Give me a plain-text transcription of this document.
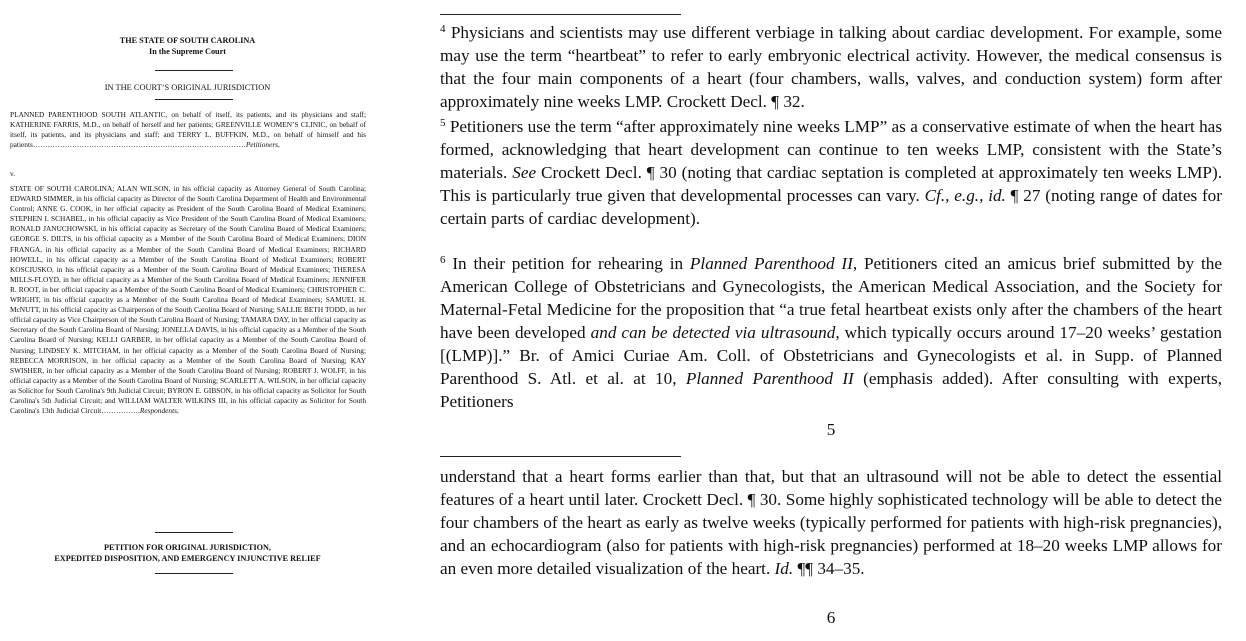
THE STATE OF SOUTH CAROLINA
In the Supreme Court
IN THE COURT’S ORIGINAL JURISDICTION
PLANNED PARENTHOOD SOUTH ATLANTIC, on behalf of itself, its patients, and its physicians and staff; KATHERINE FARRIS, M.D., on behalf of herself and her patients; GREENVILLE WOMEN’S CLINIC, on behalf of itself, its patients, and its physicians and staff; and TERRY L. BUFFKIN, M.D., on behalf of himself and his patients……………………………………………………………………………Petitioners,
v.
STATE OF SOUTH CAROLINA; ALAN WILSON, in his official capacity as Attorney General of South Carolina; EDWARD SIMMER, in his official capacity as Director of the South Carolina Department of Health and Environmental Control; ANNE G. COOK, in her official capacity as President of the South Carolina Board of Medical Examiners; STEPHEN I. SCHABEL, in his official capacity as Vice President of the South Carolina Board of Medical Examiners; RONALD JANUCHOWSKI, in his official capacity as Secretary of the South Carolina Board of Medical Examiners; GEORGE S. DILTS, in his official capacity as a Member of the South Carolina Board of Medical Examiners; DION FRANGA, in his official capacity as a Member of the South Carolina Board of Medical Examiners; RICHARD HOWELL, in his official capacity as a Member of the South Carolina Board of Medical Examiners; ROBERT KOSCIUSKO, in his official capacity as a Member of the South Carolina Board of Medical Examiners; THERESA MILLS-FLOYD, in her official capacity as a Member of the South Carolina Board of Medical Examiners; JENNIFER R. ROOT, in her official capacity as a Member of the South Carolina Board of Medical Examiners; CHRISTOPHER C. WRIGHT, in his official capacity as a Member of the South Carolina Board of Medical Examiners; SAMUEL H. McNUTT, in his official capacity as Chairperson of the South Carolina Board of Nursing; SALLIE BETH TODD, in her official capacity as Vice Chairperson of the South Carolina Board of Nursing; TAMARA DAY, in her official capacity as Secretary of the South Carolina Board of Nursing; JONELLA DAVIS, in his official capacity as a Member of the South Carolina Board of Nursing; KELLI GARBER, in her official capacity as a Member of the South Carolina Board of Nursing; LINDSEY K. MITCHAM, in her official capacity as a Member of the South Carolina Board of Nursing; REBECCA MORRISON, in her official capacity as a Member of the South Carolina Board of Nursing; KAY SWISHER, in her official capacity as a Member of the South Carolina Board of Nursing; ROBERT J. WOLFF, in his official capacity as a Member of the South Carolina Board of Nursing; SCARLETT A. WILSON, in her official capacity as Solicitor for South Carolina's 9th Judicial Circuit; BYRON E. GIBSON, in his official capacity as Solicitor for South Carolina's 5th Judicial Circuit; and WILLIAM WALTER WILKINS III, in his official capacity as Solicitor for South Carolina's 13th Judicial Circuit…………….Respondents,
PETITION FOR ORIGINAL JURISDICTION,
EXPEDITED DISPOSITION, AND EMERGENCY INJUNCTIVE RELIEF
$^4$ Physicians and scientists may use different verbiage in talking about cardiac development. For example, some may use the term “heartbeat” to refer to early embryonic electrical activity. However, the medical consensus is that the four main components of a heart (four chambers, walls, valves, and conduction system) form after approximately nine weeks LMP. Crockett Decl. ¶ 32.
$^5$ Petitioners use the term “after approximately nine weeks LMP” as a conservative estimate of when the heart has formed, acknowledging that heart development can continue to ten weeks LMP, consistent with the State’s materials. See Crockett Decl. ¶ 30 (noting that cardiac septation is completed at approximately ten weeks LMP). This is particularly true given that developmental processes can vary. Cf., e.g., id. ¶ 27 (noting range of dates for certain parts of cardiac development).
$^6$ In their petition for rehearing in Planned Parenthood II, Petitioners cited an amicus brief submitted by the American College of Obstetricians and Gynecologists, the American Medical Association, and the Society for Maternal-Fetal Medicine for the proposition that “a true fetal heartbeat exists only after the chambers of the heart have been developed and can be detected via ultrasound, which typically occurs around 17–20 weeks’ gestation [(LMP)].” Br. of Amici Curiae Am. Coll. of Obstetricians and Gynecologists et al. in Supp. of Planned Parenthood S. Atl. et al. at 10, Planned Parenthood II (emphasis added). After consulting with experts, Petitioners
5
understand that a heart forms earlier than that, but that an ultrasound will not be able to detect the essential features of a heart until later. Crockett Decl. ¶ 30. Some highly sophisticated technology will be able to detect the four chambers of the heart as early as twelve weeks (typically performed for patients with high-risk pregnancies), and an echocardiogram (also for patients with high-risk pregnancies) performed at 18–20 weeks LMP allows for an even more detailed visualization of the heart. Id. ¶¶ 34–35.
6
